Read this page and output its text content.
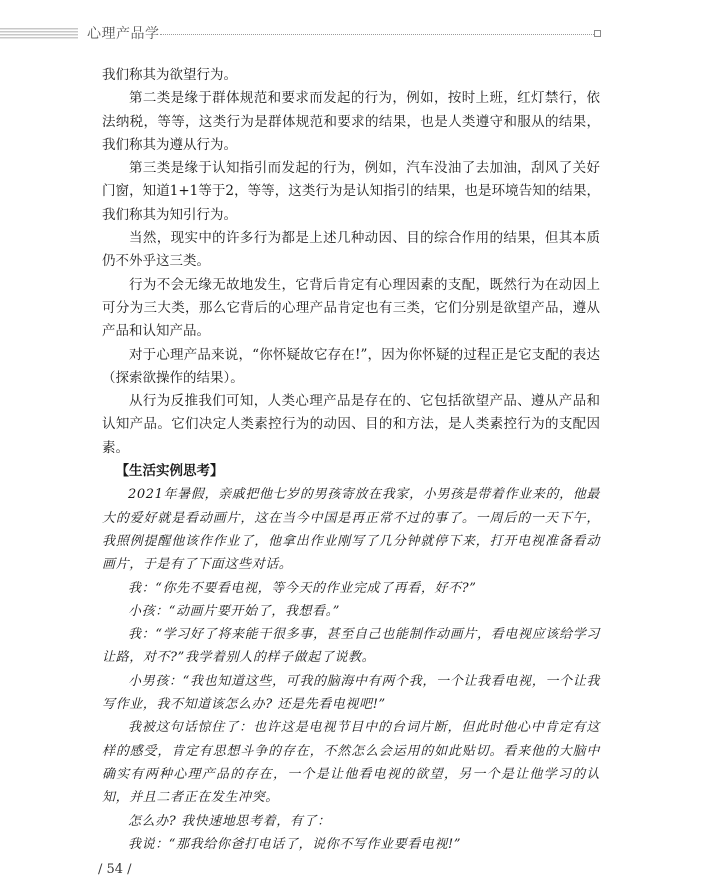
心理产品学

我们称其为欲望行为。

第二类是缘于群体规范和要求而发起的行为，例如，按时上班，红灯禁行，依法纳税，等等，这类行为是群体规范和要求的结果，也是人类遵守和服从的结果，我们称其为遵从行为。

第三类是缘于认知指引而发起的行为，例如，汽车没油了去加油，刮风了关好门窗，知道1+1等于2，等等，这类行为是认知指引的结果，也是环境告知的结果，我们称其为知引行为。

当然，现实中的许多行为都是上述几种动因、目的综合作用的结果，但其本质仍不外乎这三类。

行为不会无缘无故地发生，它背后肯定有心理因素的支配，既然行为在动因上可分为三大类，那么它背后的心理产品肯定也有三类，它们分别是欲望产品，遵从产品和认知产品。

对于心理产品来说，“你怀疑故它存在!”，因为你怀疑的过程正是它支配的表达（探索欲操作的结果）。

从行为反推我们可知，人类心理产品是存在的、它包括欲望产品、遵从产品和认知产品。它们决定人类素控行为的动因、目的和方法，是人类素控行为的支配因素。

【生活实例思考】

2021年暑假，亲戚把他七岁的男孩寄放在我家，小男孩是带着作业来的，他最大的爱好就是看动画片，这在当今中国是再正常不过的事了。一周后的一天下午，我照例提醒他该作作业了，他拿出作业刚写了几分钟就停下来，打开电视准备看动画片，于是有了下面这些对话。

我：“你先不要看电视，等今天的作业完成了再看，好不?”

小孩：“动画片要开始了，我想看。”

我：“学习好了将来能干很多事，甚至自己也能制作动画片，看电视应该给学习让路，对不?”我学着别人的样子做起了说教。

小男孩：“我也知道这些，可我的脑海中有两个我，一个让我看电视，一个让我写作业，我不知道该怎么办? 还是先看电视吧!”

我被这句话惊住了：也许这是电视节目中的台词片断，但此时他心中肯定有这样的感受，肯定有思想斗争的存在，不然怎么会运用的如此贴切。看来他的大脑中确实有两种心理产品的存在，一个是让他看电视的欲望，另一个是让他学习的认知，并且二者正在发生冲突。

怎么办? 我快速地思考着，有了：

我说：“那我给你爸打电话了，说你不写作业要看电视!”

/ 54 /
